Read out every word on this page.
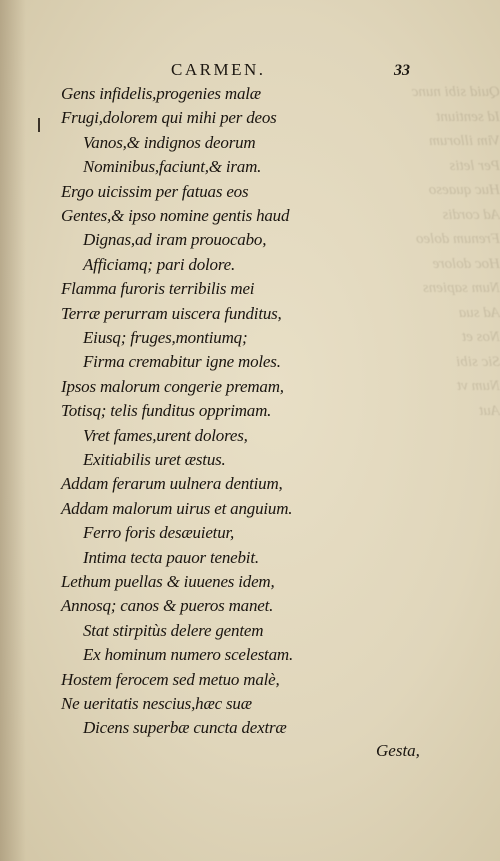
Quid sibi nunc
Id sentiunt
Vim illorum
Per letis
Huc quaeso
Ad cordis
Frenum doleo
Hoc dolore
Num sapiens
Ad sua
Nos et
Sic sibi
Num vt
Aut
CARMEN.	33
Gens infidelis,progenies malæ
Frugi,dolorem qui mihi per deos
Vanos,& indignos deorum
Nominibus,faciunt,& iram.
Ergo uicissim per fatuas eos
Gentes,& ipso nomine gentis haud
Dignas,ad iram prouocabo,
Afficiamq; pari dolore.
Flamma furoris terribilis mei
Terræ perurram uiscera funditus,
Eiusq; fruges,montiumq;
Firma cremabitur igne moles.
Ipsos malorum congerie premam,
Totisq; telis funditus opprimam.
Vret fames,urent dolores,
Exitiabilis uret æstus.
Addam ferarum uulnera dentium,
Addam malorum uirus et anguium.
Ferro foris desæuietur,
Intima tecta pauor tenebit.
Lethum puellas & iuuenes idem,
Annosq; canos & pueros manet.
Stat stirpitùs delere gentem
Ex hominum numero scelestam.
Hostem ferocem sed metuo malè,
Ne ueritatis nescius,hæc suæ
Dicens superbæ cuncta dextræ
Gesta,
